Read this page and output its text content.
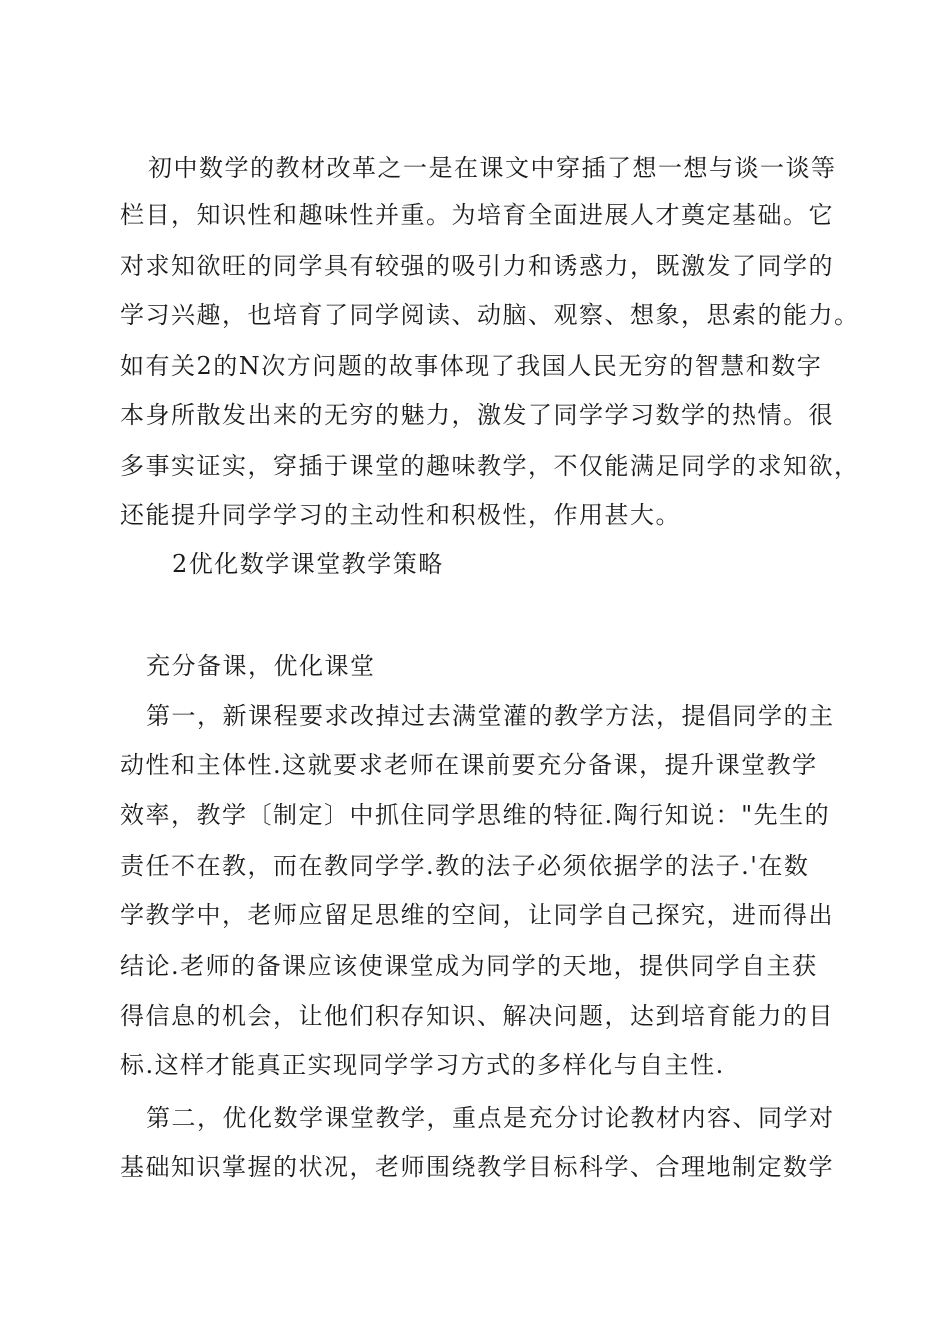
初中数学的教材改革之一是在课文中穿插了想一想与谈一谈等
栏目，知识性和趣味性并重。为培育全面进展人才奠定基础。它
对求知欲旺的同学具有较强的吸引力和诱惑力，既激发了同学的
学习兴趣，也培育了同学阅读、动脑、观察、想象，思索的能力。
如有关2的N次方问题的故事体现了我国人民无穷的智慧和数字
本身所散发出来的无穷的魅力，激发了同学学习数学的热情。很
多事实证实，穿插于课堂的趣味教学，不仅能满足同学的求知欲，
还能提升同学学习的主动性和积极性，作用甚大。
2优化数学课堂教学策略
充分备课，优化课堂
第一，新课程要求改掉过去满堂灌的教学方法，提倡同学的主
动性和主体性.这就要求老师在课前要充分备课，提升课堂教学
效率，教学〔制定〕中抓住同学思维的特征.陶行知说："先生的
责任不在教，而在教同学学.教的法子必须依据学的法子.'在数
学教学中，老师应留足思维的空间，让同学自己探究，进而得出
结论.老师的备课应该使课堂成为同学的天地，提供同学自主获
得信息的机会，让他们积存知识、解决问题，达到培育能力的目
标.这样才能真正实现同学学习方式的多样化与自主性.
第二，优化数学课堂教学，重点是充分讨论教材内容、同学对
基础知识掌握的状况，老师围绕教学目标科学、合理地制定数学
